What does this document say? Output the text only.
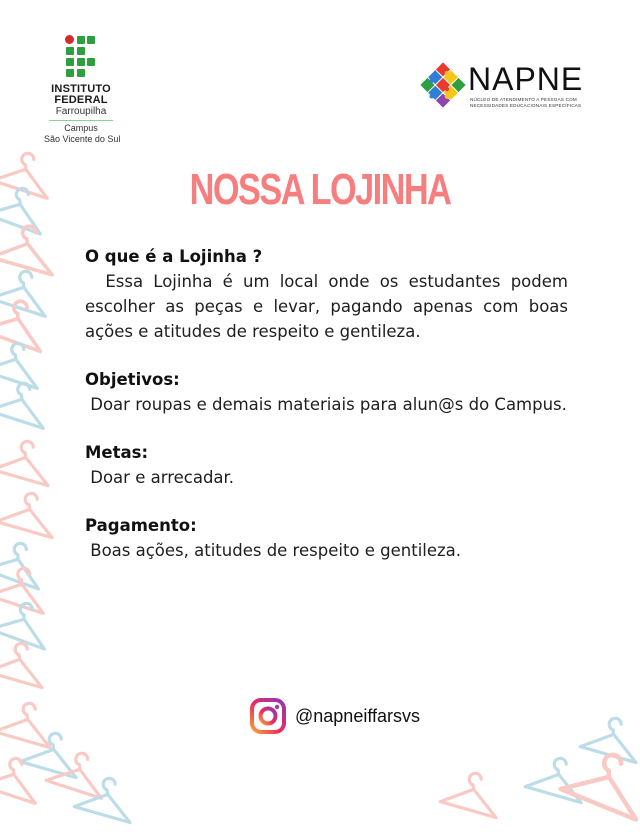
INSTITUTO
FEDERAL
Farroupilha
Campus
São Vicente do Sul
NAPNE
NÚCLEO DE ATENDIMENTO A PESSOAS COM NECESSIDADES EDUCACIONAIS ESPECÍFICAS
NOSSA LOJINHA
O que é a Lojinha ?
Essa Lojinha é um local onde os estudantes podem  escolher as peças e levar, pagando apenas com boas ações e atitudes de respeito e gentileza.
Objetivos:
Doar roupas e demais materiais para alun@s do Campus.
Metas:
Doar e arrecadar.
Pagamento:
Boas ações, atitudes de respeito e gentileza.
@napneiffarsvs
